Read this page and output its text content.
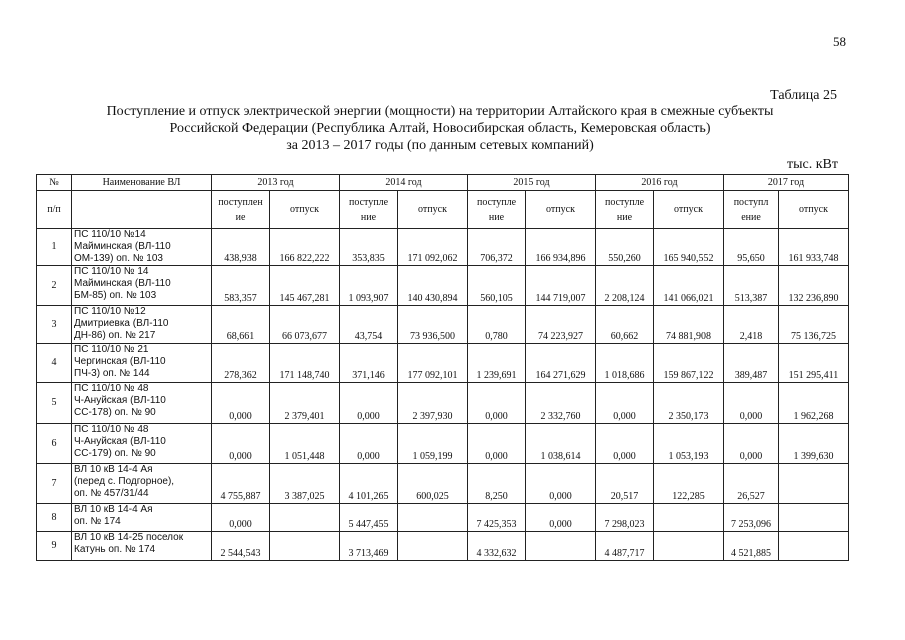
58
Таблица 25
Поступление и отпуск электрической энергии (мощности) на территории Алтайского края в смежные субъекты
Российской Федерации (Республика Алтай, Новосибирская область, Кемеровская область)
за 2013 – 2017 годы (по данным сетевых компаний)
тыс. кВт
№	Наименование ВЛ	2013 год		2014 год		2015 год		2016 год		2017 год	
п/п		поступлен ие	отпуск	поступле ние	отпуск	поступле ние	отпуск	поступле ние	отпуск	поступл ение	отпуск
1	ПС 110/10 №14
Майминская (ВЛ-110
ОМ-139) оп. № 103	438,938	166 822,222	353,835	171 092,062	706,372	166 934,896	550,260	165 940,552	95,650	161 933,748
2	ПС 110/10 № 14
Майминская (ВЛ-110
БМ-85) оп. № 103	583,357	145 467,281	1 093,907	140 430,894	560,105	144 719,007	2 208,124	141 066,021	513,387	132 236,890
3	ПС 110/10 №12
Дмитриевка (ВЛ-110
ДН-86) оп. № 217	68,661	66 073,677	43,754	73 936,500	0,780	74 223,927	60,662	74 881,908	2,418	75 136,725
4	ПС 110/10 № 21
Чергинская (ВЛ-110
ПЧ-3) оп. № 144	278,362	171 148,740	371,146	177 092,101	1 239,691	164 271,629	1 018,686	159 867,122	389,487	151 295,411
5	ПС 110/10 № 48
Ч-Ануйская (ВЛ-110
СС-178) оп. № 90	0,000	2 379,401	0,000	2 397,930	0,000	2 332,760	0,000	2 350,173	0,000	1 962,268
6	ПС 110/10 № 48
Ч-Ануйская (ВЛ-110
СС-179) оп. № 90	0,000	1 051,448	0,000	1 059,199	0,000	1 038,614	0,000	1 053,193	0,000	1 399,630
7	ВЛ 10 кВ 14-4 Ая
(перед с. Подгорное),
оп. № 457/31/44	4 755,887	3 387,025	4 101,265	600,025	8,250	0,000	20,517	122,285	26,527	
8	ВЛ 10 кВ 14-4 Ая
оп. № 174	0,000		5 447,455		7 425,353	0,000	7 298,023		7 253,096	
9	ВЛ 10 кВ 14-25 поселок
Катунь оп. № 174	2 544,543		3 713,469		4 332,632		4 487,717		4 521,885	
